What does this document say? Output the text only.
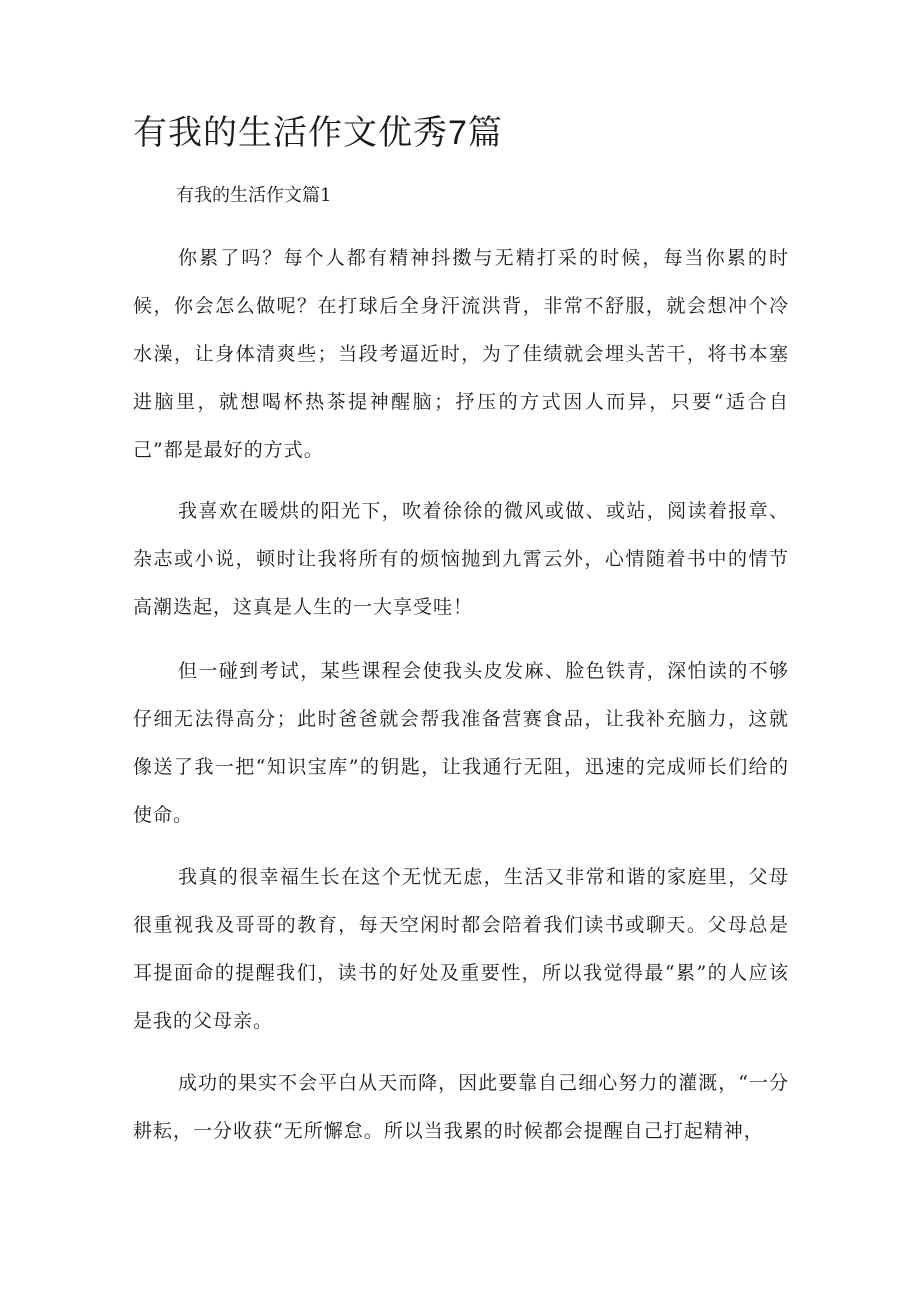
有我的生活作文优秀7篇
有我的生活作文篇1

你累了吗？每个人都有精神抖擞与无精打采的时候，每当你累的时候，你会怎么做呢？在打球后全身汗流洪背，非常不舒服，就会想冲个冷水澡，让身体清爽些；当段考逼近时，为了佳绩就会埋头苦干，将书本塞进脑里，就想喝杯热茶提神醒脑；抒压的方式因人而异，只要“适合自己”都是最好的方式。

我喜欢在暖烘的阳光下，吹着徐徐的微风或做、或站，阅读着报章、杂志或小说，顿时让我将所有的烦恼抛到九霄云外，心情随着书中的情节高潮迭起，这真是人生的一大享受哇！

但一碰到考试，某些课程会使我头皮发麻、脸色铁青，深怕读的不够仔细无法得高分；此时爸爸就会帮我准备营赛食品，让我补充脑力，这就像送了我一把“知识宝库”的钥匙，让我通行无阻，迅速的完成师长们给的使命。

我真的很幸福生长在这个无忧无虑，生活又非常和谐的家庭里，父母很重视我及哥哥的教育，每天空闲时都会陪着我们读书或聊天。父母总是耳提面命的提醒我们，读书的好处及重要性，所以我觉得最“累”的人应该是我的父母亲。

成功的果实不会平白从天而降，因此要靠自己细心努力的灌溉，“一分耕耘，一分收获“无所懈怠。所以当我累的时候都会提醒自己打起精神，
